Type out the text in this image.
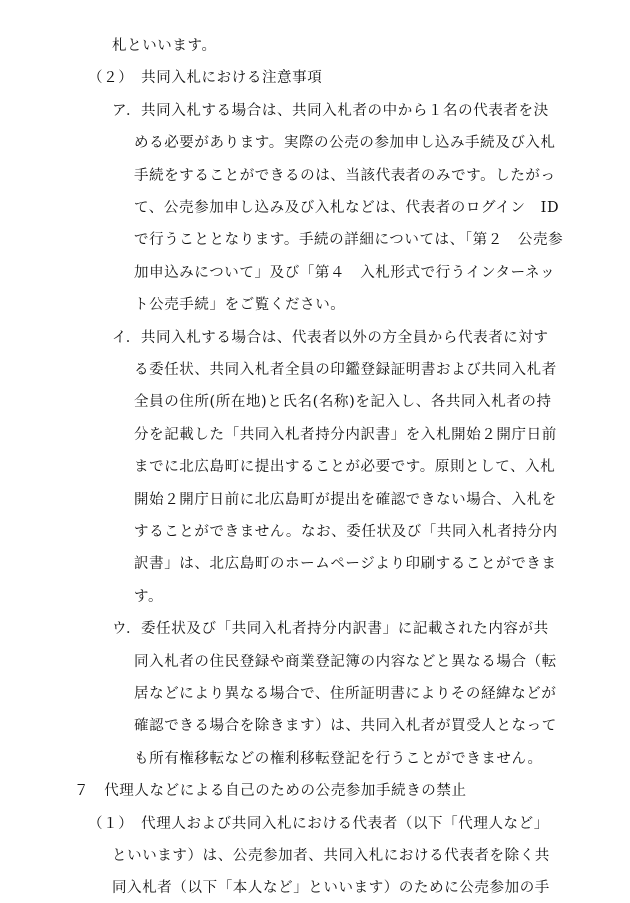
札といいます。
（２）　共同入札における注意事項
ア．共同入札する場合は、共同入札者の中から１名の代表者を決
める必要があります。実際の公売の参加申し込み手続及び入札
手続をすることができるのは、当該代表者のみです。したがっ
て、公売参加申し込み及び入札などは、代表者のログイン　ID
で行うこととなります。手続の詳細については、「第２　公売参
加申込みについて」及び「第４　入札形式で行うインターネッ
ト公売手続」をご覧ください。
イ．共同入札する場合は、代表者以外の方全員から代表者に対す
る委任状、共同入札者全員の印鑑登録証明書および共同入札者
全員の住所(所在地)と氏名(名称)を記入し、各共同入札者の持
分を記載した「共同入札者持分内訳書」を入札開始２開庁日前
までに北広島町に提出することが必要です。原則として、入札
開始２開庁日前に北広島町が提出を確認できない場合、入札を
することができません。なお、委任状及び「共同入札者持分内
訳書」は、北広島町のホームページより印刷することができま
す。
ウ．委任状及び「共同入札者持分内訳書」に記載された内容が共
同入札者の住民登録や商業登記簿の内容などと異なる場合（転
居などにより異なる場合で、住所証明書によりその経緯などが
確認できる場合を除きます）は、共同入札者が買受人となって
も所有権移転などの権利移転登記を行うことができません。
７　代理人などによる自己のための公売参加手続きの禁止
（１）　代理人および共同入札における代表者（以下「代理人など」
といいます）は、公売参加者、共同入札における代表者を除く共
同入札者（以下「本人など」といいます）のために公売参加の手
